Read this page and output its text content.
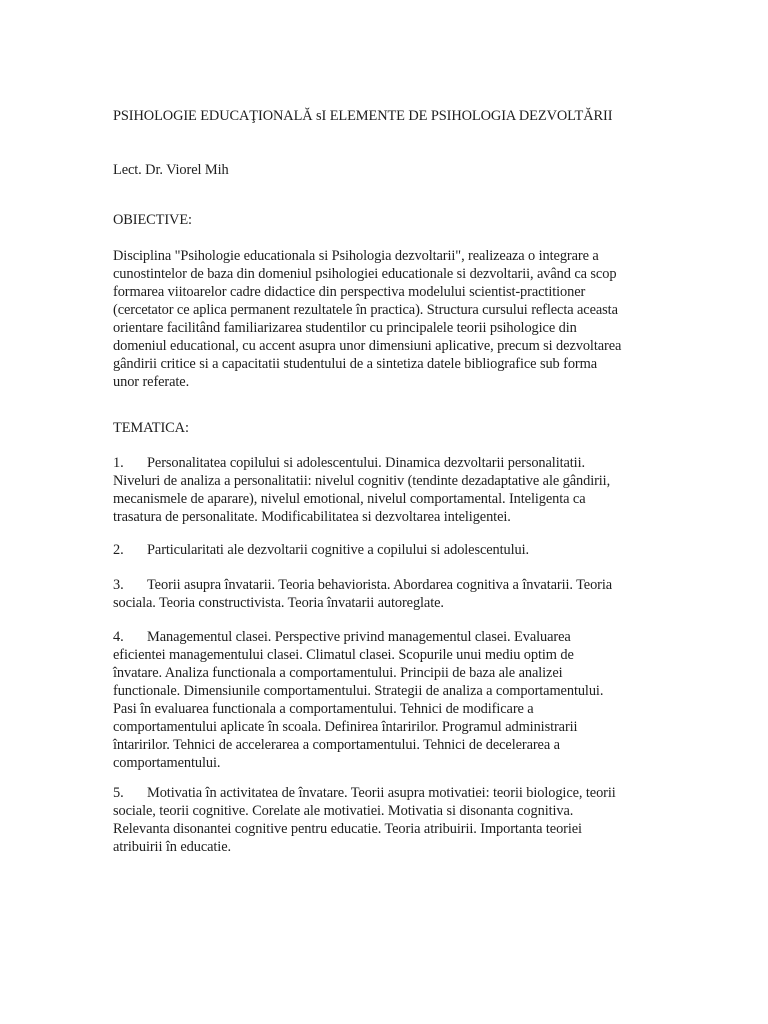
PSIHOLOGIE EDUCAŢIONALĂ sI ELEMENTE DE PSIHOLOGIA DEZVOLTĂRII
Lect. Dr. Viorel Mih
OBIECTIVE:
Disciplina "Psihologie educationala si Psihologia dezvoltarii", realizeaza o integrare a
cunostintelor de baza din domeniul psihologiei educationale si dezvoltarii, având ca scop
formarea viitoarelor cadre didactice din perspectiva modelului scientist-practitioner
(cercetator ce aplica permanent rezultatele în practica). Structura cursului reflecta aceasta
orientare facilitând familiarizarea studentilor cu principalele teorii psihologice din
domeniul educational, cu accent asupra unor dimensiuni aplicative, precum si dezvoltarea
gândirii critice si a capacitatii studentului de a sintetiza datele bibliografice sub forma
unor referate.
TEMATICA:
1. Personalitatea copilului si adolescentului. Dinamica dezvoltarii personalitatii.
Niveluri de analiza a personalitatii: nivelul cognitiv (tendinte dezadaptative ale gândirii,
mecanismele de aparare), nivelul emotional, nivelul comportamental. Inteligenta ca
trasatura de personalitate. Modificabilitatea si dezvoltarea inteligentei.
2. Particularitati ale dezvoltarii cognitive a copilului si adolescentului.
3. Teorii asupra învatarii. Teoria behaviorista. Abordarea cognitiva a învatarii. Teoria
sociala. Teoria constructivista. Teoria învatarii autoreglate.
4. Managementul clasei. Perspective privind managementul clasei. Evaluarea
eficientei managementului clasei. Climatul clasei. Scopurile unui mediu optim de
învatare. Analiza functionala a comportamentului. Principii de baza ale analizei
functionale. Dimensiunile comportamentului. Strategii de analiza a comportamentului.
Pasi în evaluarea functionala a comportamentului. Tehnici de modificare a
comportamentului aplicate în scoala. Definirea întaririlor. Programul administrarii
întaririlor. Tehnici de accelerarea a comportamentului. Tehnici de decelerarea a
comportamentului.
5. Motivatia în activitatea de învatare. Teorii asupra motivatiei: teorii biologice, teorii
sociale, teorii cognitive. Corelate ale motivatiei. Motivatia si disonanta cognitiva.
Relevanta disonantei cognitive pentru educatie. Teoria atribuirii. Importanta teoriei
atribuirii în educatie.
